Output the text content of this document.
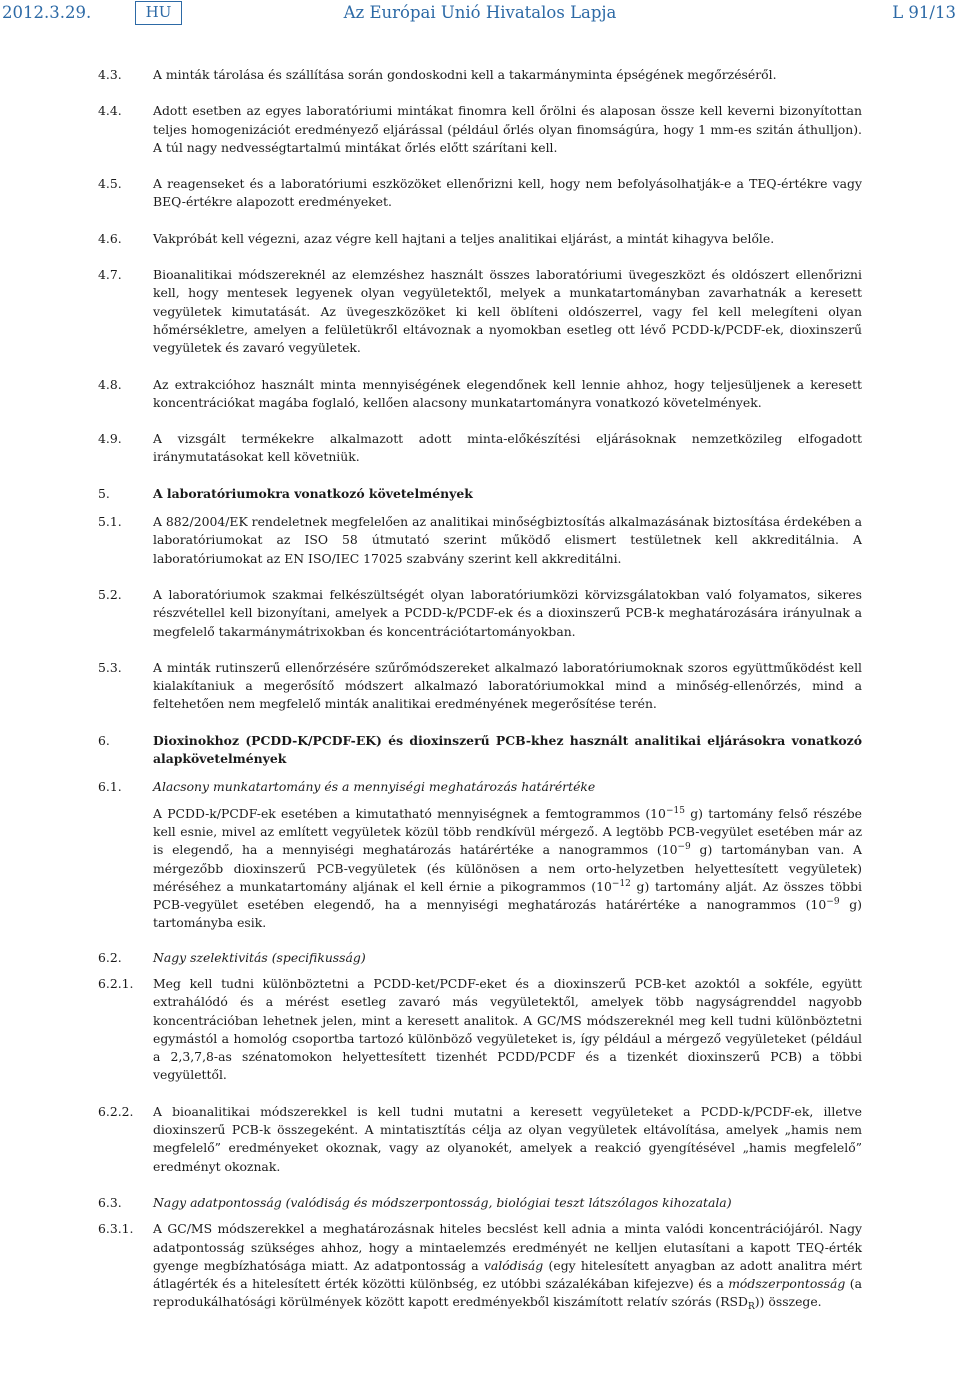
2012.3.29.	HU	Az Európai Unió Hivatalos Lapja	L 91/13
4.3.	A minták tárolása és szállítása során gondoskodni kell a takarmányminta épségének megőrzéséről.
4.4.	Adott esetben az egyes laboratóriumi mintákat finomra kell őrölni és alaposan össze kell keverni bizonyítottan teljes homogenizációt eredményező eljárással (például őrlés olyan finomságúra, hogy 1 mm-es szitán áthulljon). A túl nagy nedvességtartalmú mintákat őrlés előtt szárítani kell.
4.5.	A reagenseket és a laboratóriumi eszközöket ellenőrizni kell, hogy nem befolyásolhatják-e a TEQ-értékre vagy BEQ-értékre alapozott eredményeket.
4.6.	Vakpróbát kell végezni, azaz végre kell hajtani a teljes analitikai eljárást, a mintát kihagyva belőle.
4.7.	Bioanalitikai módszereknél az elemzéshez használt összes laboratóriumi üvegeszközt és oldószert ellenőrizni kell, hogy mentesek legyenek olyan vegyületektől, melyek a munkatartományban zavarhatnák a keresett vegyületek kimutatását. Az üvegeszközöket ki kell öblíteni oldószerrel, vagy fel kell melegíteni olyan hőmérsékletre, amelyen a felületükről eltávoznak a nyomokban esetleg ott lévő PCDD-k/PCDF-ek, dioxinszerű vegyületek és zavaró vegyületek.
4.8.	Az extrakcióhoz használt minta mennyiségének elegendőnek kell lennie ahhoz, hogy teljesüljenek a keresett koncentrációkat magába foglaló, kellően alacsony munkatartományra vonatkozó követelmények.
4.9.	A vizsgált termékekre alkalmazott adott minta-előkészítési eljárásoknak nemzetközileg elfogadott iránymutatásokat kell követniük.
5.	A laboratóriumokra vonatkozó követelmények
5.1.	A 882/2004/EK rendeletnek megfelelően az analitikai minőségbiztosítás alkalmazásának biztosítása érdekében a laboratóriumokat az ISO 58 útmutató szerint működő elismert testületnek kell akkreditálnia. A laboratóriumokat az EN ISO/IEC 17025 szabvány szerint kell akkreditálni.
5.2.	A laboratóriumok szakmai felkészültségét olyan laboratóriumközi körvizsgálatokban való folyamatos, sikeres részvétellel kell bizonyítani, amelyek a PCDD-k/PCDF-ek és a dioxinszerű PCB-k meghatározására irányulnak a megfelelő takarmánymátrixokban és koncentrációtartományokban.
5.3.	A minták rutinszerű ellenőrzésére szűrőmódszereket alkalmazó laboratóriumoknak szoros együttműködést kell kialakítaniuk a megerősítő módszert alkalmazó laboratóriumokkal mind a minőség-ellenőrzés, mind a feltehetően nem megfelelő minták analitikai eredményének megerősítése terén.
6.	Dioxinokhoz (PCDD-K/PCDF-EK) és dioxinszerű PCB-khez használt analitikai eljárásokra vonatkozó alapkövetelmények
6.1.	Alacsony munkatartomány és a mennyiségi meghatározás határértéke
A PCDD-k/PCDF-ek esetében a kimutatható mennyiségnek a femtogrammos ($10^{-15}$ g) tartomány felső részébe kell esnie, mivel az említett vegyületek közül több rendkívül mérgező. A legtöbb PCB-vegyület esetében már az is elegendő, ha a mennyiségi meghatározás határértéke a nanogrammos ($10^{-9}$ g) tartományban van. A mérgezőbb dioxinszerű PCB-vegyületek (és különösen a nem orto-helyzetben helyettesített vegyületek) méréséhez a munkatartomány aljának el kell érnie a pikogrammos ($10^{-12}$ g) tartomány alját. Az összes többi PCB-vegyület esetében elegendő, ha a mennyiségi meghatározás határértéke a nanogrammos ($10^{-9}$ g) tartományba esik.
6.2.	Nagy szelektivitás (specifikusság)
6.2.1.	Meg kell tudni különböztetni a PCDD-ket/PCDF-eket és a dioxinszerű PCB-ket azoktól a sokféle, együtt extrahálódó és a mérést esetleg zavaró más vegyületektől, amelyek több nagyságrenddel nagyobb koncentrációban lehetnek jelen, mint a keresett analitok. A GC/MS módszereknél meg kell tudni különböztetni egymástól a homológ csoportba tartozó különböző vegyületeket is, így például a mérgező vegyületeket (például a 2,3,7,8-as szénatomokon helyettesített tizenhét PCDD/PCDF és a tizenkét dioxinszerű PCB) a többi vegyülettől.
6.2.2.	A bioanalitikai módszerekkel is kell tudni mutatni a keresett vegyületeket a PCDD-k/PCDF-ek, illetve dioxinszerű PCB-k összegeként. A mintatisztítás célja az olyan vegyületek eltávolítása, amelyek „hamis nem megfelelő” eredményeket okoznak, vagy az olyanokét, amelyek a reakció gyengítésével „hamis megfelelő” eredményt okoznak.
6.3.	Nagy adatpontosság (valódiság és módszerpontosság, biológiai teszt látszólagos kihozatala)
6.3.1.	A GC/MS módszerekkel a meghatározásnak hiteles becslést kell adnia a minta valódi koncentrációjáról. Nagy adatpontosság szükséges ahhoz, hogy a mintaelemzés eredményét ne kelljen elutasítani a kapott TEQ-érték gyenge megbízhatósága miatt. Az adatpontosság a valódiság (egy hitelesített anyagban az adott analitra mért átlagérték és a hitelesített érték közötti különbség, ez utóbbi százalékában kifejezve) és a módszerpontosság (a reprodukálhatósági körülmények között kapott eredményekből kiszámított relatív szórás $(RSD_R)$) összege.
